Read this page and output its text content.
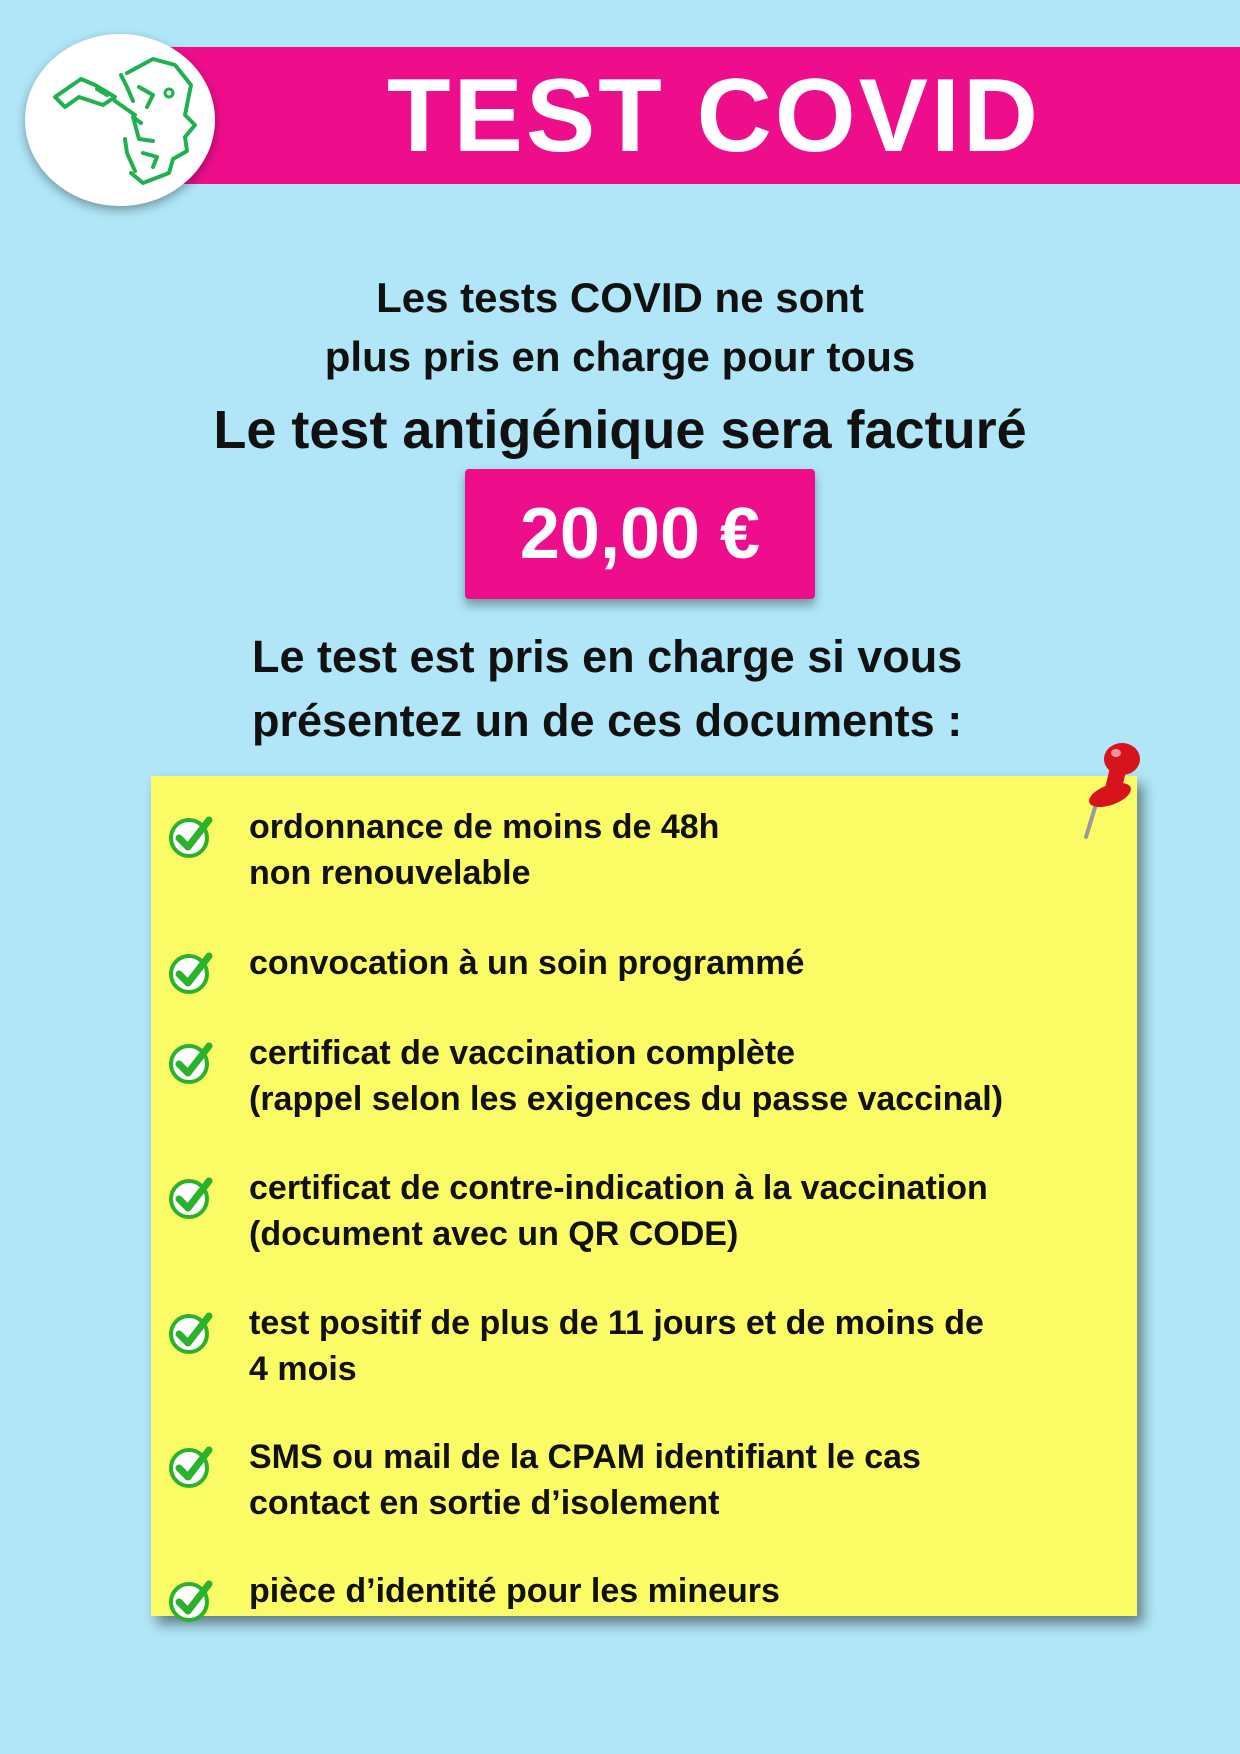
TEST COVID
Les tests COVID ne sont
plus pris en charge pour tous
Le test antigénique sera facturé
20,00 €
Le test est pris en charge si vous
présentez un de ces documents :
ordonnance de moins de 48h
non renouvelable
convocation à un soin programmé
certificat de vaccination complète
(rappel selon les exigences du passe vaccinal)
certificat de contre-indication à la vaccination
(document avec un QR CODE)
test positif de plus de 11 jours et de moins de
4 mois
SMS ou mail de la CPAM identifiant le cas
contact en sortie d’isolement
pièce d’identité pour les mineurs
